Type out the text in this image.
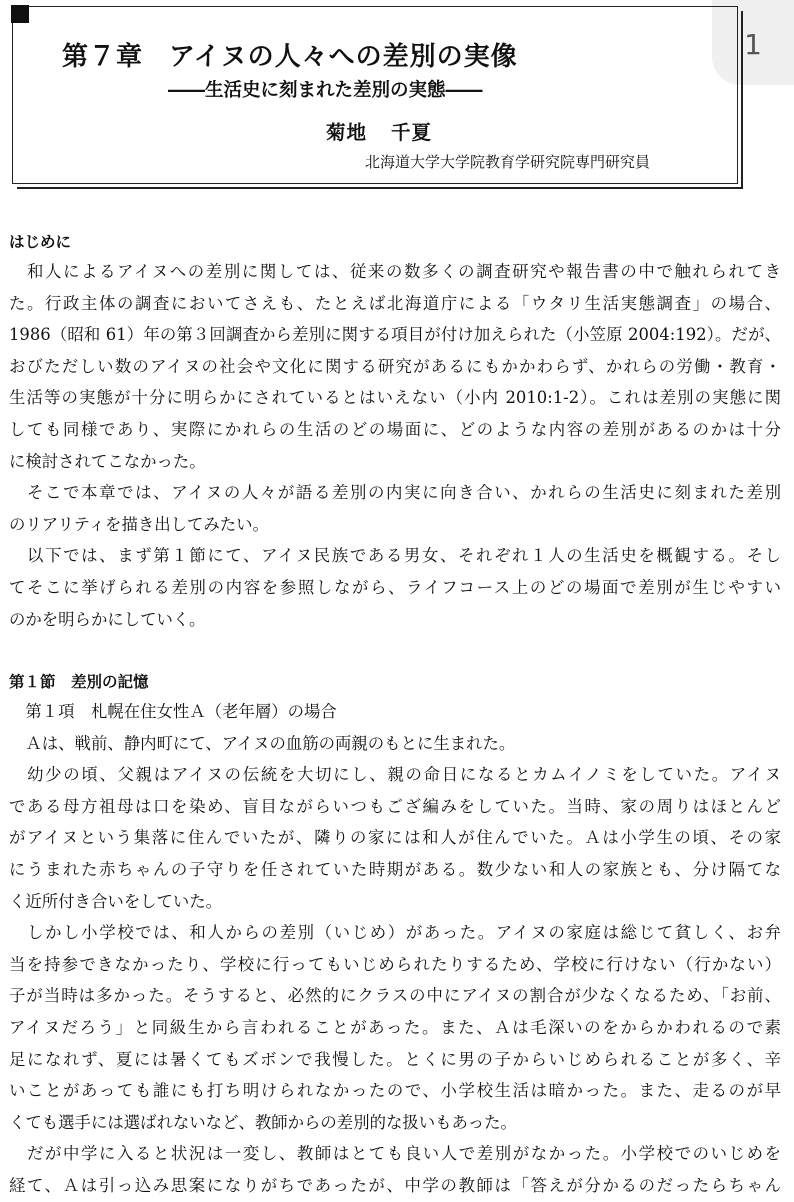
1
第７章 アイヌの人々への差別の実像
――生活史に刻まれた差別の実態――
菊地 千夏
北海道大学大学院教育学研究院専門研究員
はじめに
　和人によるアイヌへの差別に関しては、従来の数多くの調査研究や報告書の中で触れられてき
た。行政主体の調査においてさえも、たとえば北海道庁による「ウタリ生活実態調査」の場合、
1986（昭和 61）年の第３回調査から差別に関する項目が付け加えられた（小笠原 2004:192）。だが、
おびただしい数のアイヌの社会や文化に関する研究があるにもかかわらず、かれらの労働・教育・
生活等の実態が十分に明らかにされているとはいえない（小内 2010:1-2）。これは差別の実態に関
しても同様であり、実際にかれらの生活のどの場面に、どのような内容の差別があるのかは十分
に検討されてこなかった。
　そこで本章では、アイヌの人々が語る差別の内実に向き合い、かれらの生活史に刻まれた差別
のリアリティを描き出してみたい。
　以下では、まず第１節にて、アイヌ民族である男女、それぞれ１人の生活史を概観する。そし
てそこに挙げられる差別の内容を参照しながら、ライフコース上のどの場面で差別が生じやすい
のかを明らかにしていく。
第１節　差別の記憶
　第１項　札幌在住女性Ａ（老年層）の場合
　Ａは、戦前、静内町にて、アイヌの血筋の両親のもとに生まれた。
　幼少の頃、父親はアイヌの伝統を大切にし、親の命日になるとカムイノミをしていた。アイヌ
である母方祖母は口を染め、盲目ながらいつもござ編みをしていた。当時、家の周りはほとんど
がアイヌという集落に住んでいたが、隣りの家には和人が住んでいた。Ａは小学生の頃、その家
にうまれた赤ちゃんの子守りを任されていた時期がある。数少ない和人の家族とも、分け隔てな
く近所付き合いをしていた。
　しかし小学校では、和人からの差別（いじめ）があった。アイヌの家庭は総じて貧しく、お弁
当を持参できなかったり、学校に行ってもいじめられたりするため、学校に行けない（行かない）
子が当時は多かった。そうすると、必然的にクラスの中にアイヌの割合が少なくなるため、「お前、
アイヌだろう」と同級生から言われることがあった。また、Ａは毛深いのをからかわれるので素
足になれず、夏には暑くてもズボンで我慢した。とくに男の子からいじめられることが多く、辛
いことがあっても誰にも打ち明けられなかったので、小学校生活は暗かった。また、走るのが早
くても選手には選ばれないなど、教師からの差別的な扱いもあった。
　だが中学に入ると状況は一変し、教師はとても良い人で差別がなかった。小学校でのいじめを
経て、Ａは引っ込み思案になりがちであったが、中学の教師は「答えが分かるのだったらちゃん
